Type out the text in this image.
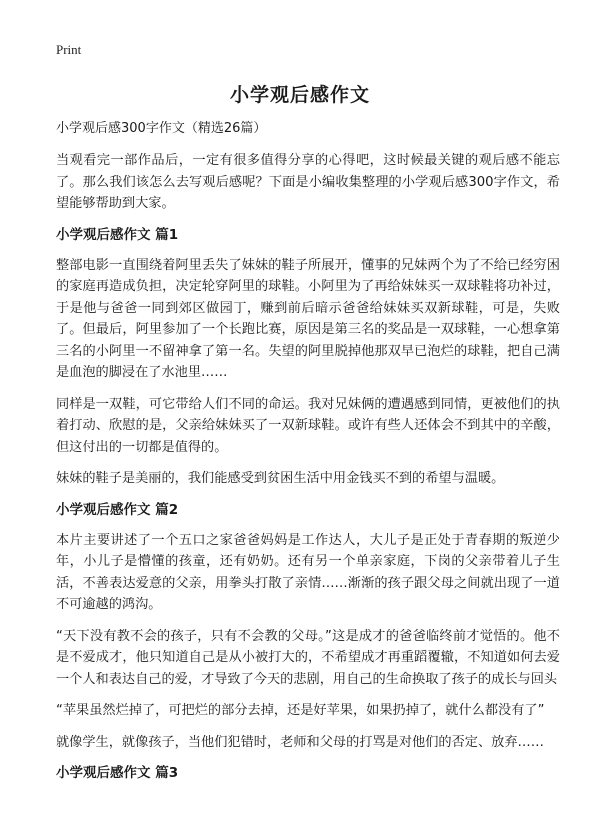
Print
小学观后感作文
小学观后感300字作文（精选26篇）

当观看完一部作品后，一定有很多值得分享的心得吧，这时候最关键的观后感不能忘了。那么我们该怎么去写观后感呢？下面是小编收集整理的小学观后感300字作文，希望能够帮助到大家。

小学观后感作文 篇1

整部电影一直围绕着阿里丢失了妹妹的鞋子所展开，懂事的兄妹两个为了不给已经穷困的家庭再造成负担，决定轮穿阿里的球鞋。小阿里为了再给妹妹买一双球鞋将功补过，于是他与爸爸一同到郊区做园丁，赚到前后暗示爸爸给妹妹买双新球鞋，可是，失败了。但最后，阿里参加了一个长跑比赛，原因是第三名的奖品是一双球鞋，一心想拿第三名的小阿里一不留神拿了第一名。失望的阿里脱掉他那双早已泡烂的球鞋，把自己满是血泡的脚浸在了水池里……

同样是一双鞋，可它带给人们不同的命运。我对兄妹俩的遭遇感到同情，更被他们的执着打动、欣慰的是，父亲给妹妹买了一双新球鞋。或许有些人还体会不到其中的辛酸，但这付出的一切都是值得的。

妹妹的鞋子是美丽的，我们能感受到贫困生活中用金钱买不到的希望与温暖。

小学观后感作文 篇2

本片主要讲述了一个五口之家爸爸妈妈是工作达人，大儿子是正处于青春期的叛逆少年，小儿子是懵懂的孩童，还有奶奶。还有另一个单亲家庭，下岗的父亲带着儿子生活，不善表达爱意的父亲，用拳头打散了亲情……渐渐的孩子跟父母之间就出现了一道不可逾越的鸿沟。

“天下没有教不会的孩子，只有不会教的父母。”这是成才的爸爸临终前才觉悟的。他不是不爱成才，他只知道自己是从小被打大的，不希望成才再重蹈覆辙，不知道如何去爱一个人和表达自己的爱，才导致了今天的悲剧，用自己的生命换取了孩子的成长与回头

“苹果虽然烂掉了，可把烂的部分去掉，还是好苹果，如果扔掉了，就什么都没有了”

就像学生，就像孩子，当他们犯错时，老师和父母的打骂是对他们的否定、放弃……

小学观后感作文 篇3
